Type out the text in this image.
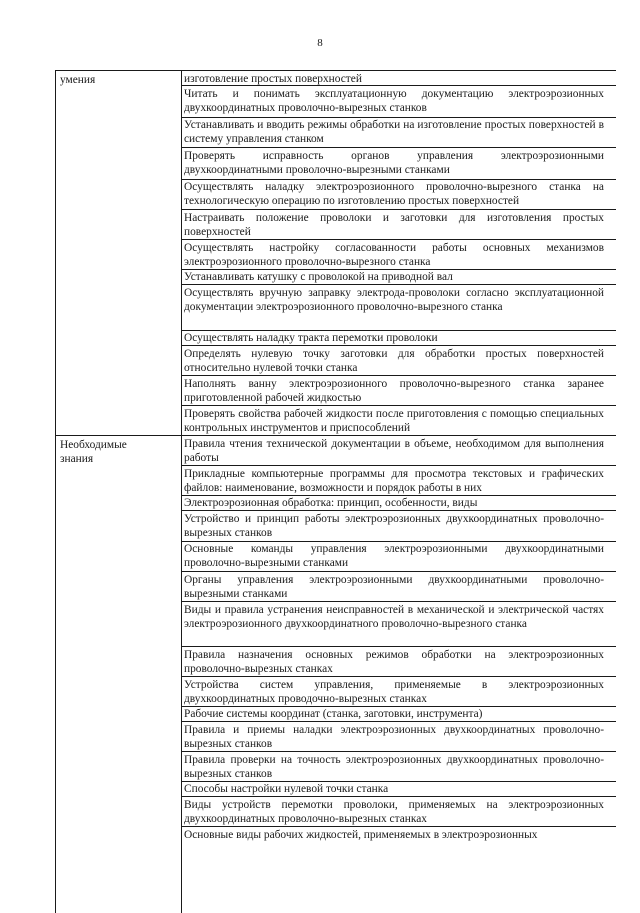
8
умения	изготовление простых поверхностей

Читать и понимать эксплуатационную документацию электроэрозионных двухкоординатных проволочно-вырезных станков

Устанавливать и вводить режимы обработки на изготовление простых поверхностей в систему управления станком

Проверять исправность органов управления электроэрозионными двухкоординатными проволочно-вырезными станками

Осуществлять наладку электроэрозионного проволочно-вырезного станка на технологическую операцию по изготовлению простых поверхностей

Настраивать положение проволоки и заготовки для изготовления простых поверхностей

Осуществлять настройку согласованности работы основных механизмов электроэрозионного проволочно-вырезного станка

Устанавливать катушку с проволокой на приводной вал

Осуществлять вручную заправку электрода-проволоки согласно эксплуатационной документации электроэрозионного проволочно-вырезного станка

Осуществлять наладку тракта перемотки проволоки

Определять нулевую точку заготовки для обработки простых поверхностей относительно нулевой точки станка

Наполнять ванну электроэрозионного проволочно-вырезного станка заранее приготовленной рабочей жидкостью

Проверять свойства рабочей жидкости после приготовления с помощью специальных контрольных инструментов и приспособлений

Необходимые
знания

Правила чтения технической документации в объеме, необходимом для выполнения работы

Прикладные компьютерные программы для просмотра текстовых и графических файлов: наименование, возможности и порядок работы в них

Электроэрозионная обработка: принцип, особенности, виды

Устройство и принцип работы электроэрозионных двухкоординатных проволочно-вырезных станков

Основные команды управления электроэрозионными двухкоординатными проволочно-вырезными станками

Органы управления электроэрозионными двухкоординатными проволочно-вырезными станками

Виды и правила устранения неисправностей в механической и электрической частях электроэрозионного двухкоординатного проволочно-вырезного станка

Правила назначения основных режимов обработки на электроэрозионных проволочно-вырезных станках

Устройства систем управления, применяемые в электроэрозионных двухкоординатных проводочно-вырезных станках

Рабочие системы координат (станка, заготовки, инструмента)

Правила и приемы наладки электроэрозионных двухкоординатных проволочно-вырезных станков

Правила проверки на точность электроэрозионных двухкоординатных проволочно-вырезных станков

Способы настройки нулевой точки станка

Виды устройств перемотки проволоки, применяемых на электроэрозионных двухкоординатных проволочно-вырезных станках

Основные виды рабочих жидкостей, применяемых в электроэрозионных
